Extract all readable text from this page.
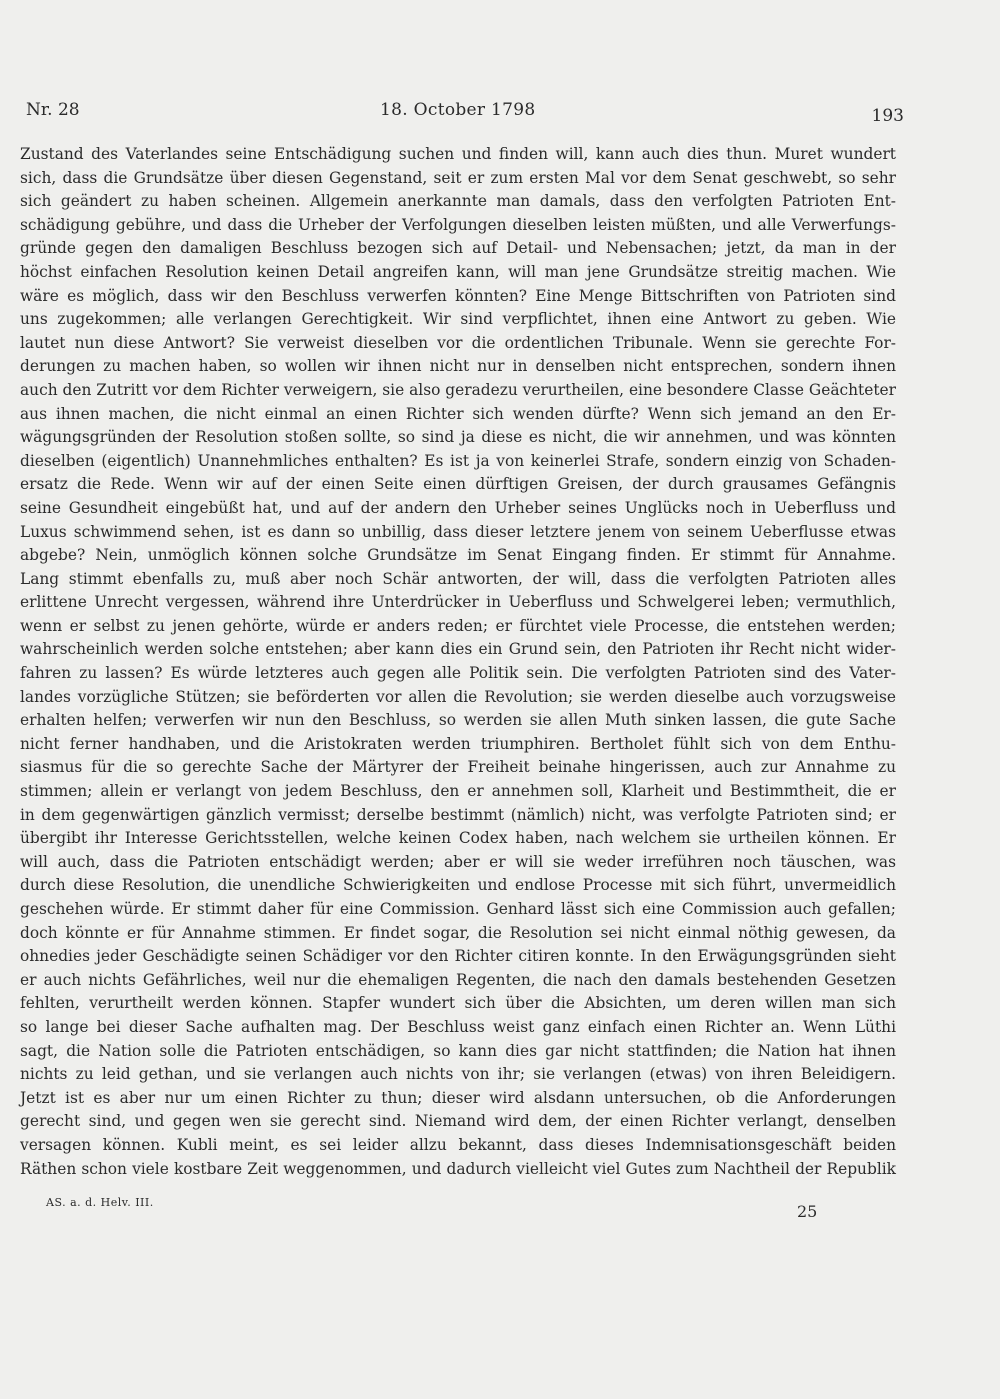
Nr. 28	18. October 1798	193
Zustand des Vaterlandes seine Entschädigung suchen und finden will, kann auch dies thun. Muret wundert
sich, dass die Grundsätze über diesen Gegenstand, seit er zum ersten Mal vor dem Senat geschwebt, so sehr
sich geändert zu haben scheinen. Allgemein anerkannte man damals, dass den verfolgten Patrioten Ent-
schädigung gebühre, und dass die Urheber der Verfolgungen dieselben leisten müßten, und alle Verwerfungs-
gründe gegen den damaligen Beschluss bezogen sich auf Detail- und Nebensachen; jetzt, da man in der
höchst einfachen Resolution keinen Detail angreifen kann, will man jene Grundsätze streitig machen. Wie
wäre es möglich, dass wir den Beschluss verwerfen könnten? Eine Menge Bittschriften von Patrioten sind
uns zugekommen; alle verlangen Gerechtigkeit. Wir sind verpflichtet, ihnen eine Antwort zu geben. Wie
lautet nun diese Antwort? Sie verweist dieselben vor die ordentlichen Tribunale. Wenn sie gerechte For-
derungen zu machen haben, so wollen wir ihnen nicht nur in denselben nicht entsprechen, sondern ihnen
auch den Zutritt vor dem Richter verweigern, sie also geradezu verurtheilen, eine besondere Classe Geächteter
aus ihnen machen, die nicht einmal an einen Richter sich wenden dürfte? Wenn sich jemand an den Er-
wägungsgründen der Resolution stoßen sollte, so sind ja diese es nicht, die wir annehmen, und was könnten
dieselben (eigentlich) Unannehmliches enthalten? Es ist ja von keinerlei Strafe, sondern einzig von Schaden-
ersatz die Rede. Wenn wir auf der einen Seite einen dürftigen Greisen, der durch grausames Gefängnis
seine Gesundheit eingebüßt hat, und auf der andern den Urheber seines Unglücks noch in Ueberfluss und
Luxus schwimmend sehen, ist es dann so unbillig, dass dieser letztere jenem von seinem Ueberflusse etwas
abgebe? Nein, unmöglich können solche Grundsätze im Senat Eingang finden. Er stimmt für Annahme.
Lang stimmt ebenfalls zu, muß aber noch Schär antworten, der will, dass die verfolgten Patrioten alles
erlittene Unrecht vergessen, während ihre Unterdrücker in Ueberfluss und Schwelgerei leben; vermuthlich,
wenn er selbst zu jenen gehörte, würde er anders reden; er fürchtet viele Processe, die entstehen werden;
wahrscheinlich werden solche entstehen; aber kann dies ein Grund sein, den Patrioten ihr Recht nicht wider-
fahren zu lassen? Es würde letzteres auch gegen alle Politik sein. Die verfolgten Patrioten sind des Vater-
landes vorzügliche Stützen; sie beförderten vor allen die Revolution; sie werden dieselbe auch vorzugsweise
erhalten helfen; verwerfen wir nun den Beschluss, so werden sie allen Muth sinken lassen, die gute Sache
nicht ferner handhaben, und die Aristokraten werden triumphiren. Bertholet fühlt sich von dem Enthu-
siasmus für die so gerechte Sache der Märtyrer der Freiheit beinahe hingerissen, auch zur Annahme zu
stimmen; allein er verlangt von jedem Beschluss, den er annehmen soll, Klarheit und Bestimmtheit, die er
in dem gegenwärtigen gänzlich vermisst; derselbe bestimmt (nämlich) nicht, was verfolgte Patrioten sind; er
übergibt ihr Interesse Gerichtsstellen, welche keinen Codex haben, nach welchem sie urtheilen können. Er
will auch, dass die Patrioten entschädigt werden; aber er will sie weder irreführen noch täuschen, was
durch diese Resolution, die unendliche Schwierigkeiten und endlose Processe mit sich führt, unvermeidlich
geschehen würde. Er stimmt daher für eine Commission. Genhard lässt sich eine Commission auch gefallen;
doch könnte er für Annahme stimmen. Er findet sogar, die Resolution sei nicht einmal nöthig gewesen, da
ohnedies jeder Geschädigte seinen Schädiger vor den Richter citiren konnte. In den Erwägungsgründen sieht
er auch nichts Gefährliches, weil nur die ehemaligen Regenten, die nach den damals bestehenden Gesetzen
fehlten, verurtheilt werden können. Stapfer wundert sich über die Absichten, um deren willen man sich
so lange bei dieser Sache aufhalten mag. Der Beschluss weist ganz einfach einen Richter an. Wenn Lüthi
sagt, die Nation solle die Patrioten entschädigen, so kann dies gar nicht stattfinden; die Nation hat ihnen
nichts zu leid gethan, und sie verlangen auch nichts von ihr; sie verlangen (etwas) von ihren Beleidigern.
Jetzt ist es aber nur um einen Richter zu thun; dieser wird alsdann untersuchen, ob die Anforderungen
gerecht sind, und gegen wen sie gerecht sind. Niemand wird dem, der einen Richter verlangt, denselben
versagen können. Kubli meint, es sei leider allzu bekannt, dass dieses Indemnisationsgeschäft beiden
Räthen schon viele kostbare Zeit weggenommen, und dadurch vielleicht viel Gutes zum Nachtheil der Republik
AS. a. d. Helv. III.	25
